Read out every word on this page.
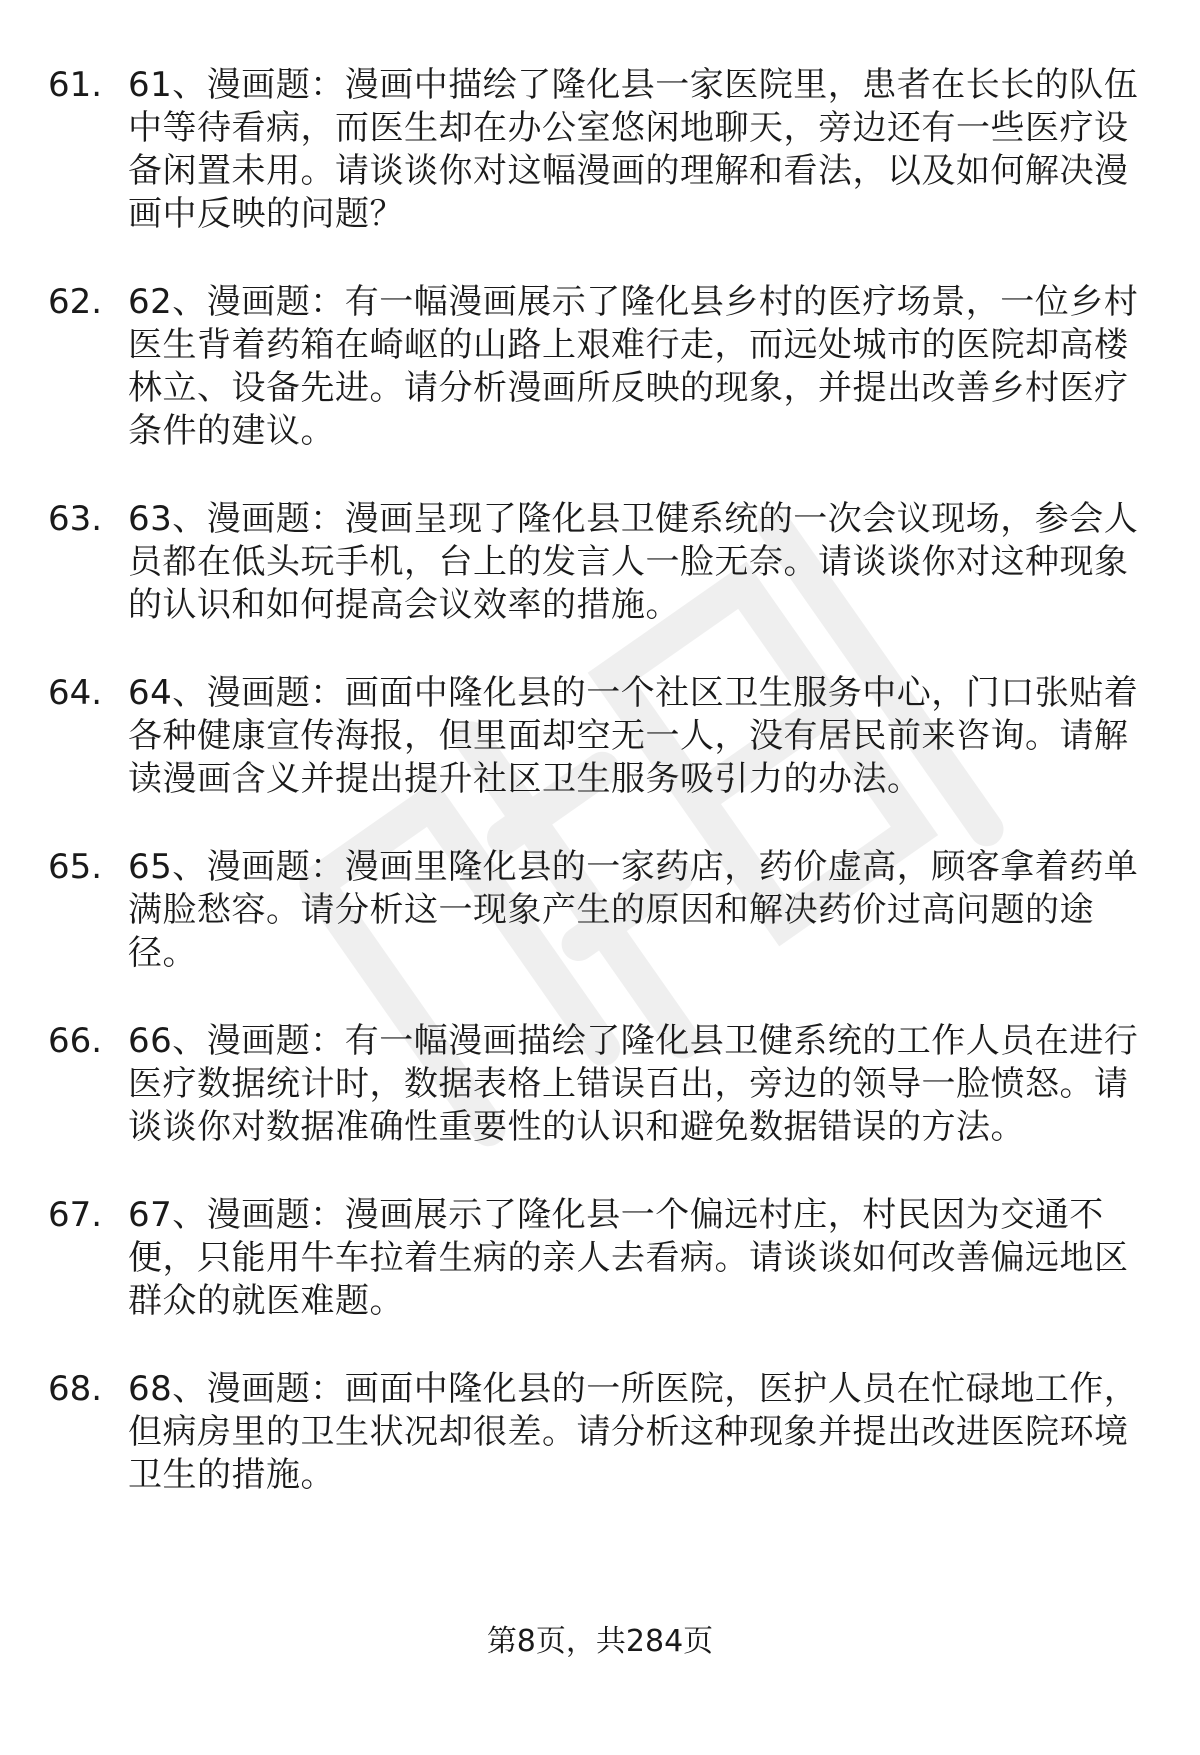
61. 61、漫画题：漫画中描绘了隆化县一家医院里，患者在长长的队伍中等待看病，而医生却在办公室悠闲地聊天，旁边还有一些医疗设备闲置未用。请谈谈你对这幅漫画的理解和看法，以及如何解决漫画中反映的问题？
62. 62、漫画题：有一幅漫画展示了隆化县乡村的医疗场景，一位乡村医生背着药箱在崎岖的山路上艰难行走，而远处城市的医院却高楼林立、设备先进。请分析漫画所反映的现象，并提出改善乡村医疗条件的建议。
63. 63、漫画题：漫画呈现了隆化县卫健系统的一次会议现场，参会人员都在低头玩手机，台上的发言人一脸无奈。请谈谈你对这种现象的认识和如何提高会议效率的措施。
64. 64、漫画题：画面中隆化县的一个社区卫生服务中心，门口张贴着各种健康宣传海报，但里面却空无一人，没有居民前来咨询。请解读漫画含义并提出提升社区卫生服务吸引力的办法。
65. 65、漫画题：漫画里隆化县的一家药店，药价虚高，顾客拿着药单满脸愁容。请分析这一现象产生的原因和解决药价过高问题的途径。
66. 66、漫画题：有一幅漫画描绘了隆化县卫健系统的工作人员在进行医疗数据统计时，数据表格上错误百出，旁边的领导一脸愤怒。请谈谈你对数据准确性重要性的认识和避免数据错误的方法。
67. 67、漫画题：漫画展示了隆化县一个偏远村庄，村民因为交通不便，只能用牛车拉着生病的亲人去看病。请谈谈如何改善偏远地区群众的就医难题。
68. 68、漫画题：画面中隆化县的一所医院，医护人员在忙碌地工作，但病房里的卫生状况却很差。请分析这种现象并提出改进医院环境卫生的措施。
第8页，共284页
